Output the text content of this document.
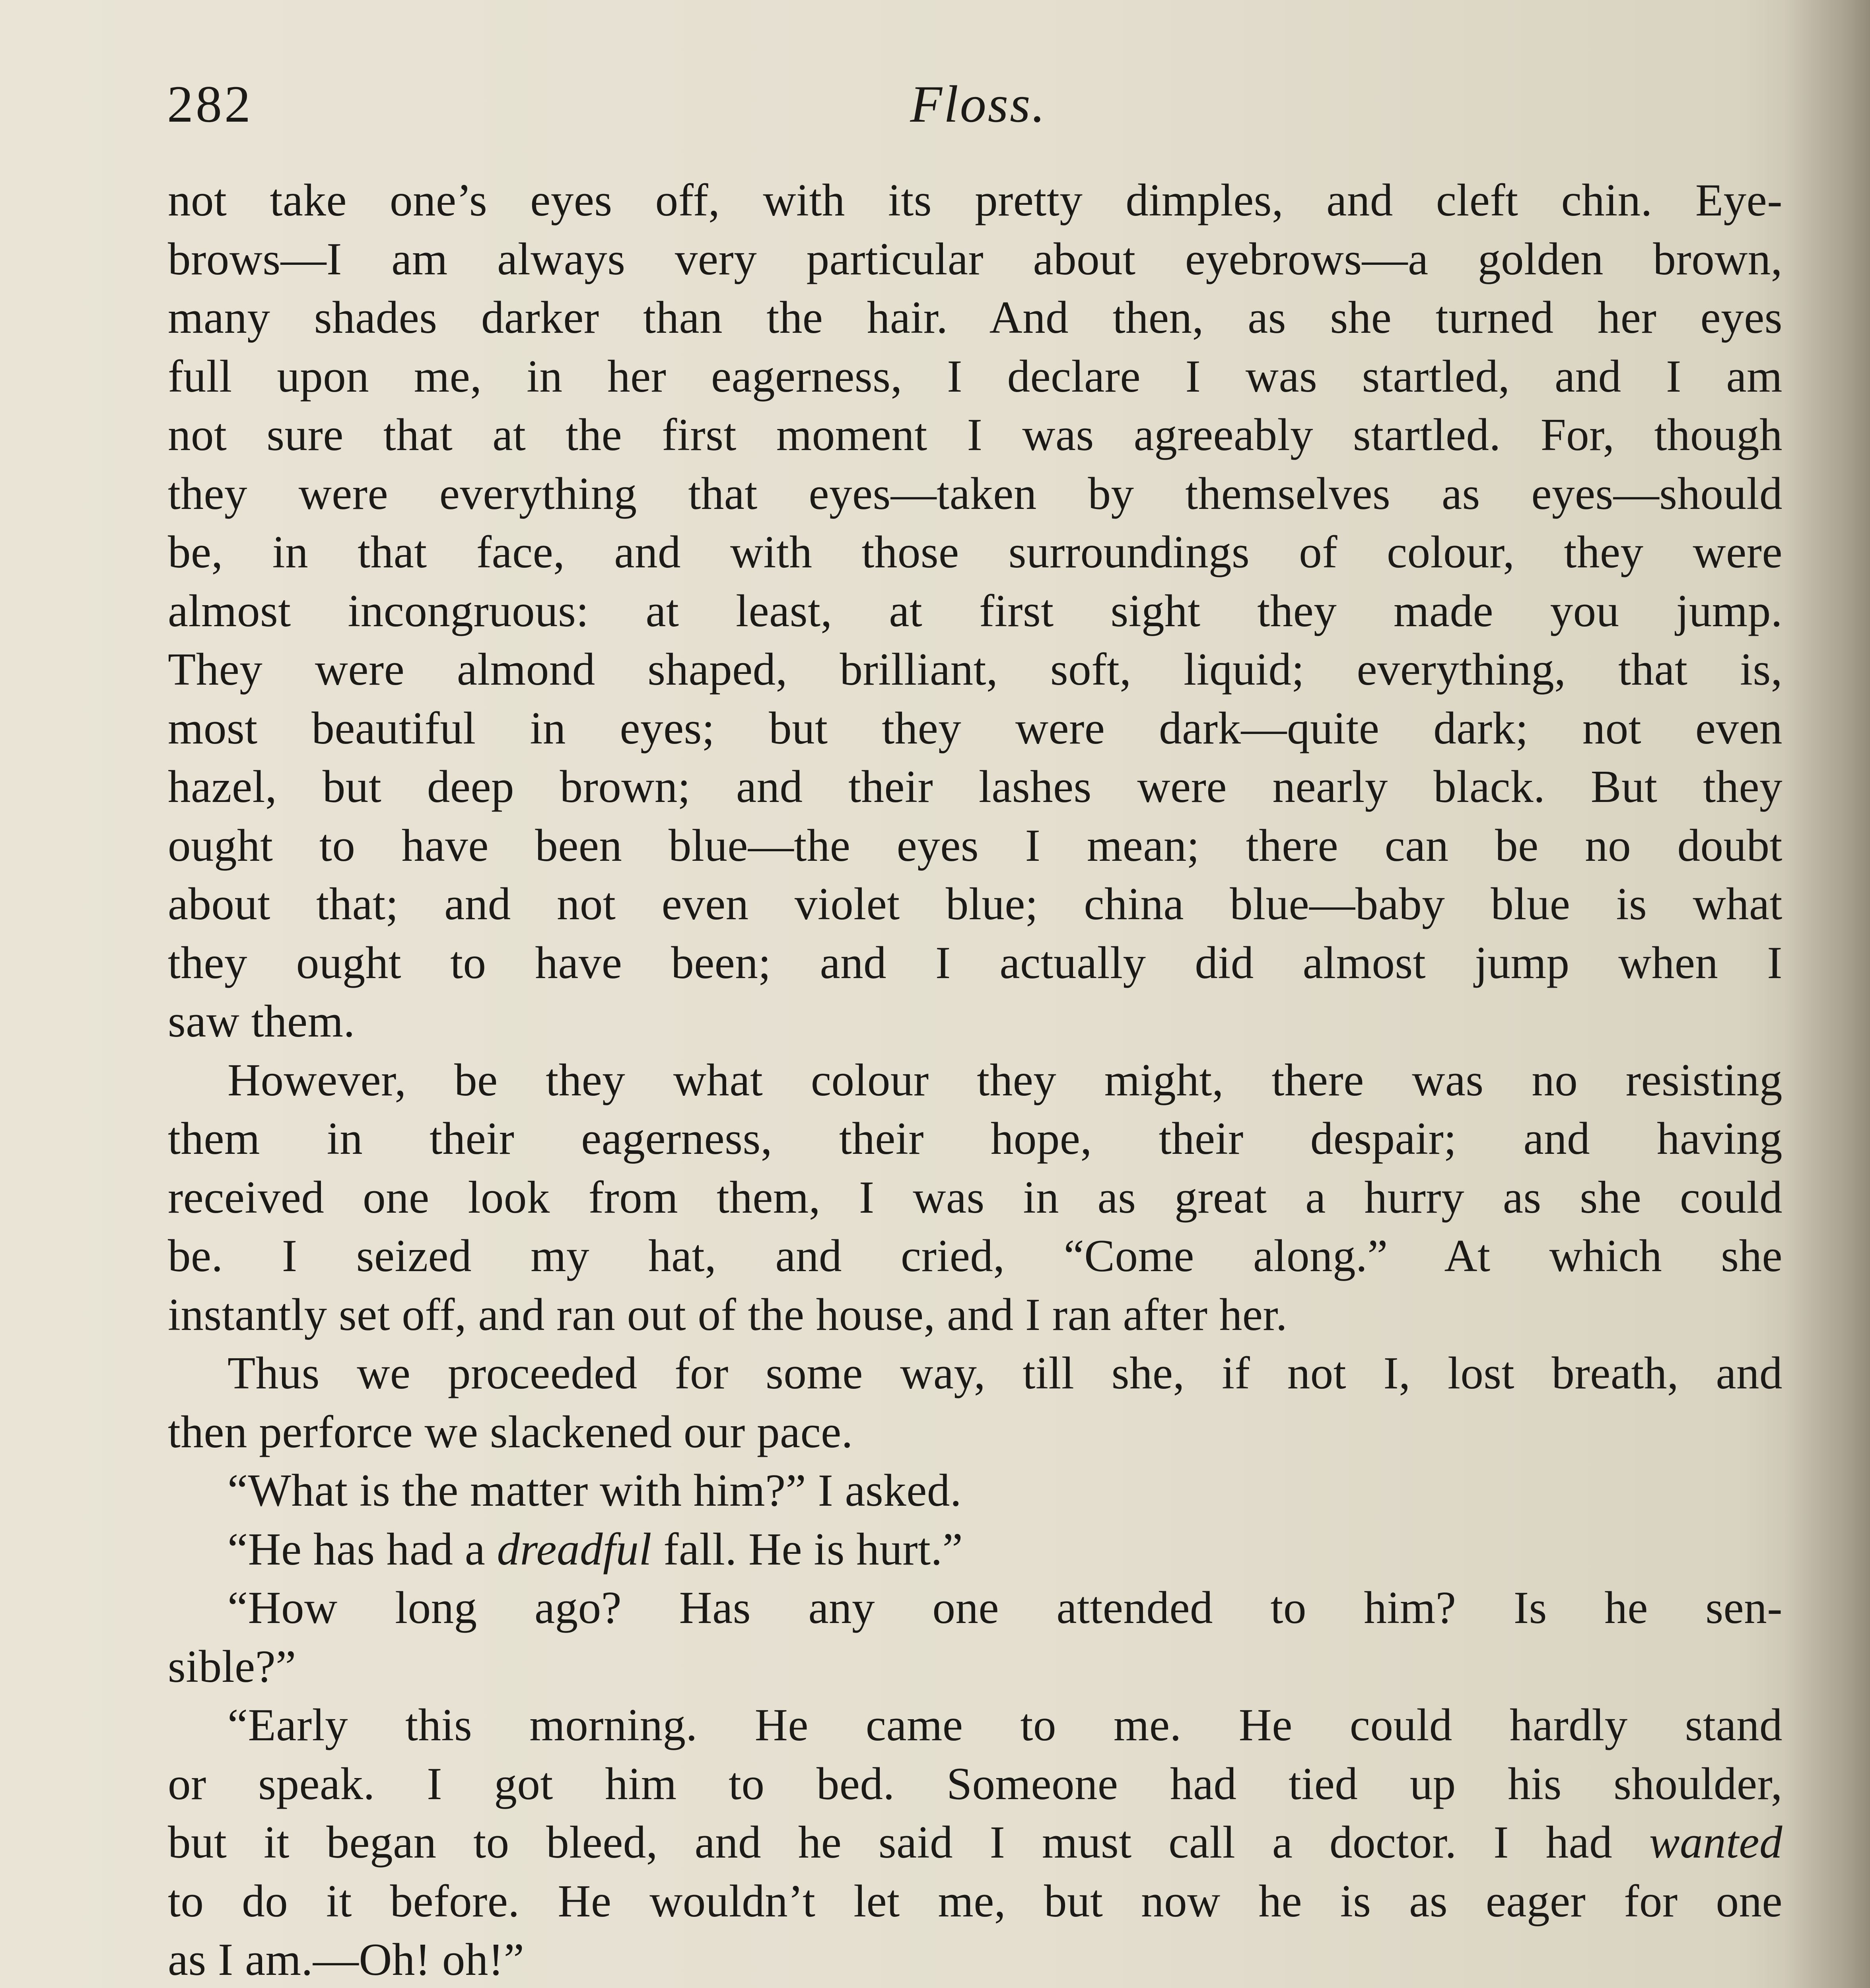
282	Floss.

not take one’s eyes off, with its pretty dimples, and cleft chin. Eye-

brows—I am always very particular about eyebrows—a golden brown,

many shades darker than the hair. And then, as she turned her eyes

full upon me, in her eagerness, I declare I was startled, and I am

not sure that at the first moment I was agreeably startled. For, though

they were everything that eyes—taken by themselves as eyes—should

be, in that face, and with those surroundings of colour, they were

almost incongruous: at least, at first sight they made you jump.

They were almond shaped, brilliant, soft, liquid; everything, that is,

most beautiful in eyes; but they were dark—quite dark; not even

hazel, but deep brown; and their lashes were nearly black. But they

ought to have been blue—the eyes I mean; there can be no doubt

about that; and not even violet blue; china blue—baby blue is what

they ought to have been; and I actually did almost jump when I

saw them.

However, be they what colour they might, there was no resisting

them in their eagerness, their hope, their despair; and having

received one look from them, I was in as great a hurry as she could

be. I seized my hat, and cried, “Come along.” At which she

instantly set off, and ran out of the house, and I ran after her.

Thus we proceeded for some way, till she, if not I, lost breath, and

then perforce we slackened our pace.

“What is the matter with him?” I asked.

“He has had a dreadful fall. He is hurt.”

“How long ago? Has any one attended to him? Is he sen-

sible?”

“Early this morning. He came to me. He could hardly stand

or speak. I got him to bed. Someone had tied up his shoulder,

but it began to bleed, and he said I must call a doctor. I had wanted

to do it before. He wouldn’t let me, but now he is as eager for one

as I am.—Oh! oh!”
